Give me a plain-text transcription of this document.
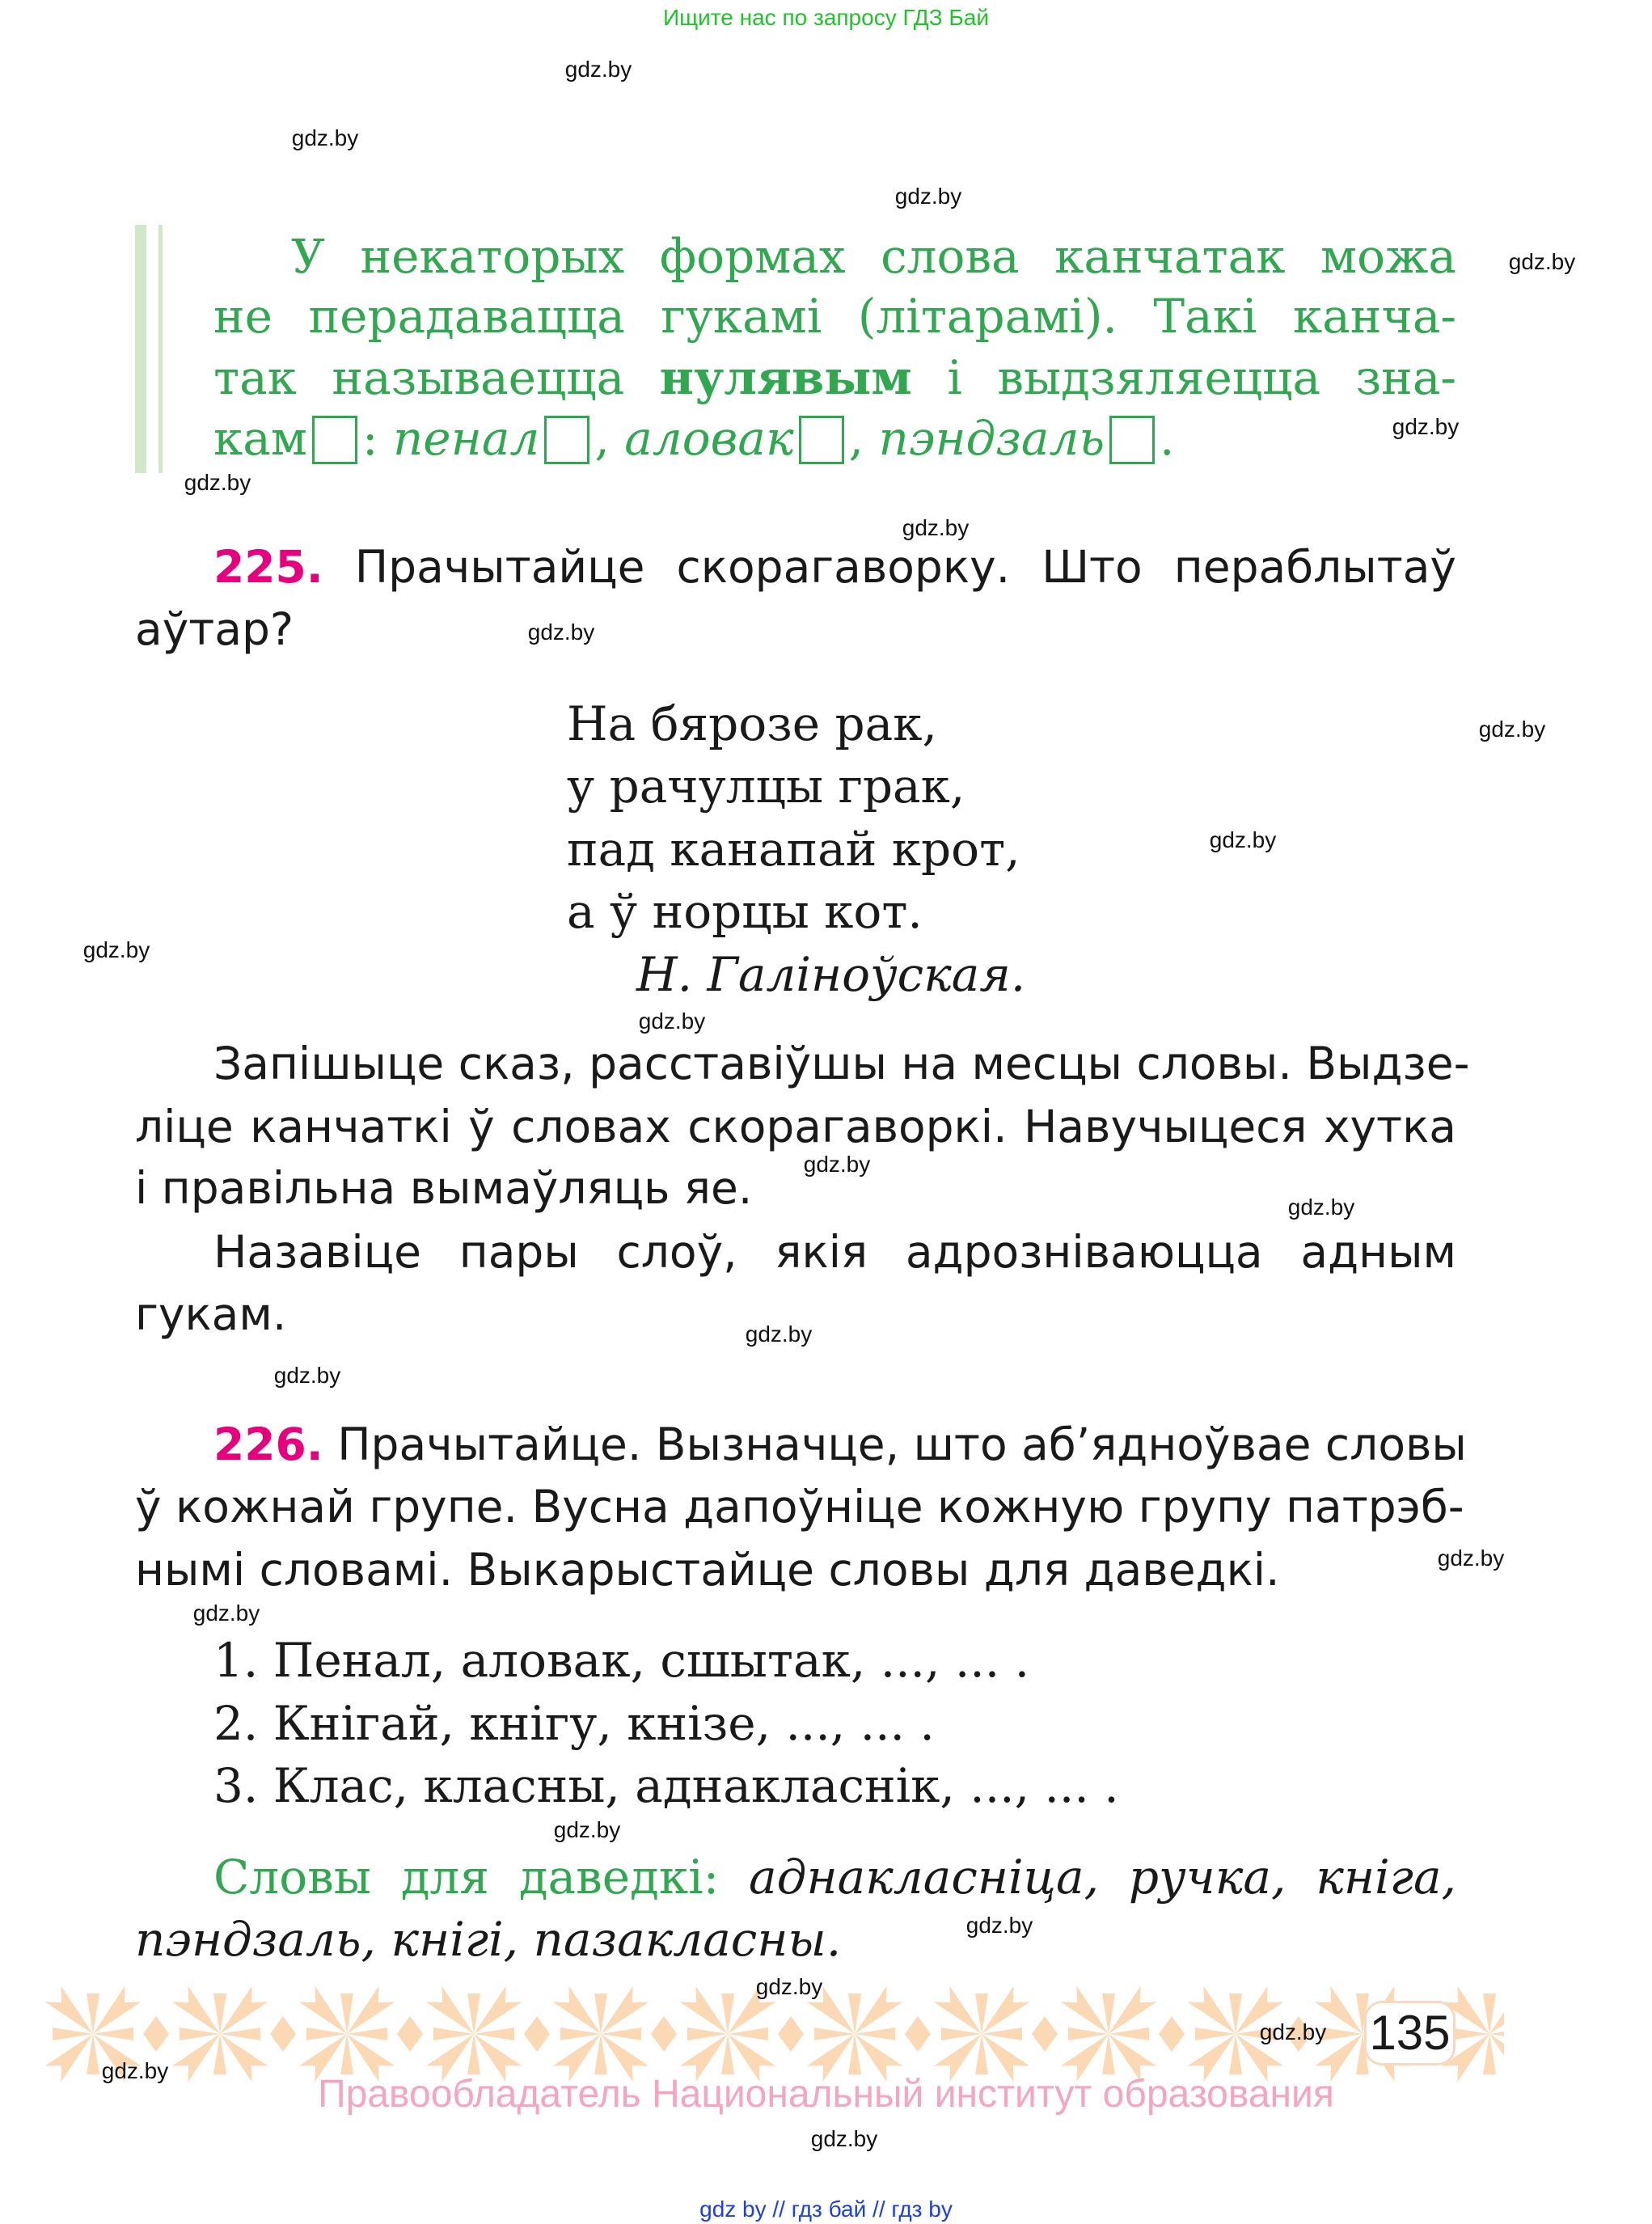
Ищите нас по запросу ГДЗ Бай
У некаторых формах слова канчатак можа
не перадавацца гукамі (літарамі). Такі канча-
так называецца нулявым і выдзяляецца зна-
кам : пенал , аловак , пэндзаль .
225. Прачытайце скорагаворку. Што пераблытаў
аўтар?
На бярозе рак,
у рачулцы грак,
пад канапай крот,
а ў норцы кот.
Н. Галіноўская.
Запішыце сказ, расставіўшы на месцы словы. Выдзе-
ліце канчаткі ў словах скорагаворкі. Навучыцеся хутка
і правільна вымаўляць яе.
Назавіце пары слоў, якія адрозніваюцца адным
гукам.
226. Прачытайце. Вызначце, што аб’ядноўвае словы
ў кожнай групе. Вусна дапоўніце кожную групу патрэб-
нымі словамі. Выкарыстайце словы для даведкі.
1. Пенал, аловак, сшытак, ..., ... .
2. Кнігай, кнігу, кнізе, ..., ... .
3. Клас, класны, аднакласнік, ..., ... .
Словы для даведкі: аднакласніца, ручка, кніга,
пэндзаль, кнігі, пазакласны.
135
Правообладатель Национальный институт образования
gdz by // гдз бай // гдз by
gdz.by
gdz.by
gdz.by
gdz.by
gdz.by
gdz.by
gdz.by
gdz.by
gdz.by
gdz.by
gdz.by
gdz.by
gdz.by
gdz.by
gdz.by
gdz.by
gdz.by
gdz.by
gdz.by
gdz.by
gdz.by
gdz.by
gdz.by
gdz.by
